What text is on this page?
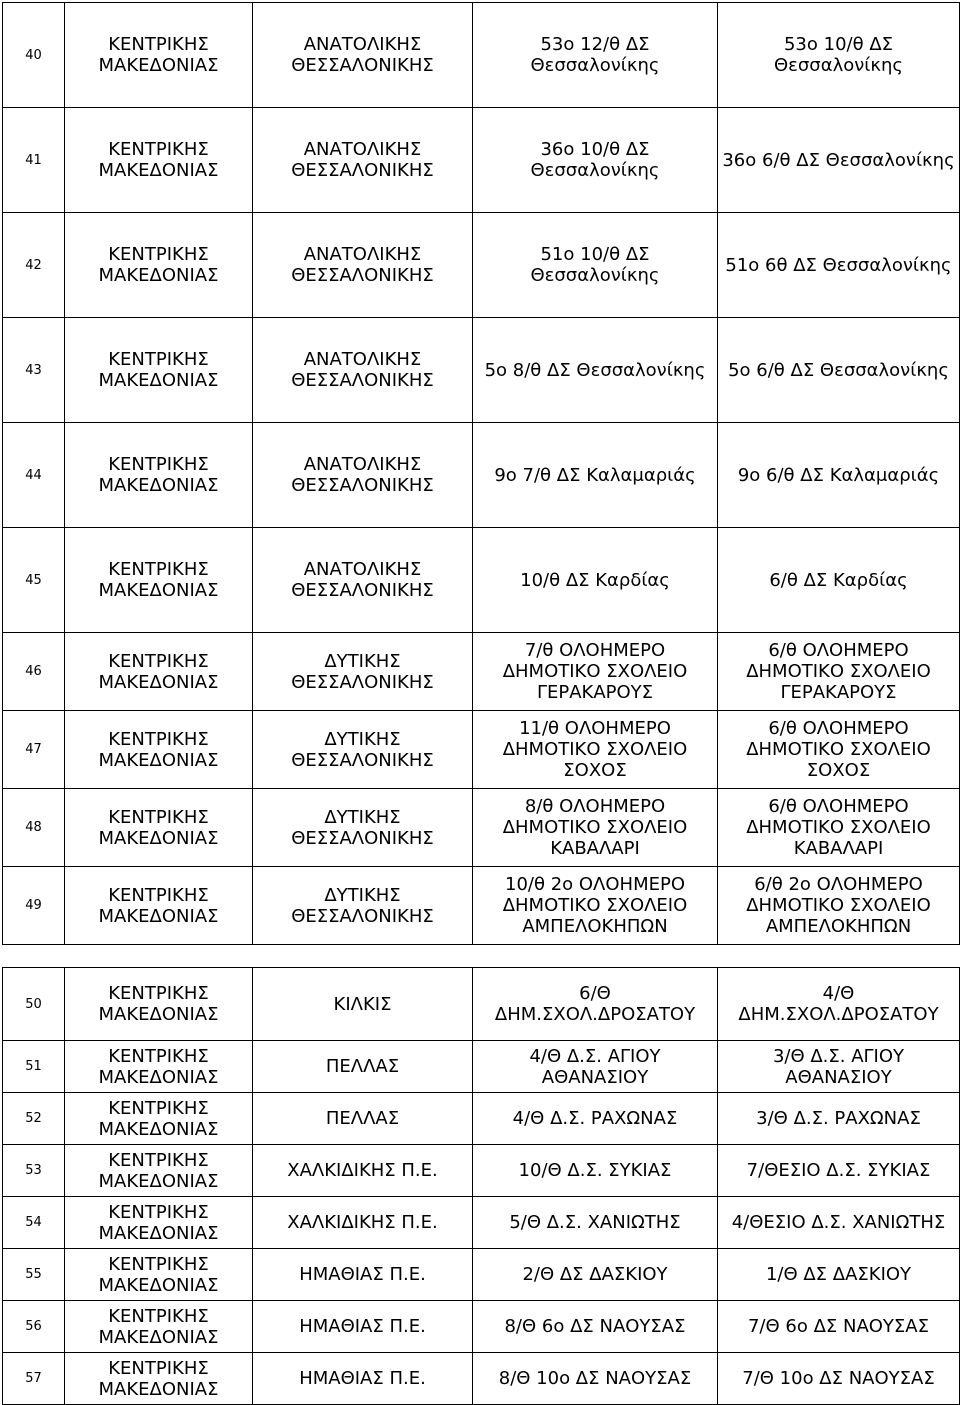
40	ΚΕΝΤΡΙΚΗΣ ΜΑΚΕΔΟΝΙΑΣ	ΑΝΑΤΟΛΙΚΗΣ ΘΕΣΣΑΛΟΝΙΚΗΣ	53ο 12/θ ΔΣ Θεσσαλονίκης	53ο 10/θ ΔΣ Θεσσαλονίκης
41	ΚΕΝΤΡΙΚΗΣ ΜΑΚΕΔΟΝΙΑΣ	ΑΝΑΤΟΛΙΚΗΣ ΘΕΣΣΑΛΟΝΙΚΗΣ	36ο 10/θ ΔΣ Θεσσαλονίκης	36ο 6/θ ΔΣ Θεσσαλονίκης
42	ΚΕΝΤΡΙΚΗΣ ΜΑΚΕΔΟΝΙΑΣ	ΑΝΑΤΟΛΙΚΗΣ ΘΕΣΣΑΛΟΝΙΚΗΣ	51ο 10/θ ΔΣ Θεσσαλονίκης	51ο 6θ ΔΣ Θεσσαλονίκης
43	ΚΕΝΤΡΙΚΗΣ ΜΑΚΕΔΟΝΙΑΣ	ΑΝΑΤΟΛΙΚΗΣ ΘΕΣΣΑΛΟΝΙΚΗΣ	5ο 8/θ ΔΣ Θεσσαλονίκης	5ο 6/θ ΔΣ Θεσσαλονίκης
44	ΚΕΝΤΡΙΚΗΣ ΜΑΚΕΔΟΝΙΑΣ	ΑΝΑΤΟΛΙΚΗΣ ΘΕΣΣΑΛΟΝΙΚΗΣ	9ο 7/θ ΔΣ Καλαμαριάς	9ο 6/θ ΔΣ Καλαμαριάς
45	ΚΕΝΤΡΙΚΗΣ ΜΑΚΕΔΟΝΙΑΣ	ΑΝΑΤΟΛΙΚΗΣ ΘΕΣΣΑΛΟΝΙΚΗΣ	10/θ ΔΣ Καρδίας	6/θ ΔΣ Καρδίας
46	ΚΕΝΤΡΙΚΗΣ ΜΑΚΕΔΟΝΙΑΣ	ΔΥΤΙΚΗΣ ΘΕΣΣΑΛΟΝΙΚΗΣ	7/θ ΟΛΟΗΜΕΡΟ ΔΗΜΟΤΙΚΟ ΣΧΟΛΕΙΟ ΓΕΡΑΚΑΡΟΥΣ	6/θ ΟΛΟΗΜΕΡΟ ΔΗΜΟΤΙΚΟ ΣΧΟΛΕΙΟ ΓΕΡΑΚΑΡΟΥΣ
47	ΚΕΝΤΡΙΚΗΣ ΜΑΚΕΔΟΝΙΑΣ	ΔΥΤΙΚΗΣ ΘΕΣΣΑΛΟΝΙΚΗΣ	11/θ ΟΛΟΗΜΕΡΟ ΔΗΜΟΤΙΚΟ ΣΧΟΛΕΙΟ ΣΟΧΟΣ	6/θ ΟΛΟΗΜΕΡΟ ΔΗΜΟΤΙΚΟ ΣΧΟΛΕΙΟ ΣΟΧΟΣ
48	ΚΕΝΤΡΙΚΗΣ ΜΑΚΕΔΟΝΙΑΣ	ΔΥΤΙΚΗΣ ΘΕΣΣΑΛΟΝΙΚΗΣ	8/θ ΟΛΟΗΜΕΡΟ ΔΗΜΟΤΙΚΟ ΣΧΟΛΕΙΟ ΚΑΒΑΛΑΡΙ	6/θ ΟΛΟΗΜΕΡΟ ΔΗΜΟΤΙΚΟ ΣΧΟΛΕΙΟ ΚΑΒΑΛΑΡΙ
49	ΚΕΝΤΡΙΚΗΣ ΜΑΚΕΔΟΝΙΑΣ	ΔΥΤΙΚΗΣ ΘΕΣΣΑΛΟΝΙΚΗΣ	10/θ 2ο ΟΛΟΗΜΕΡΟ ΔΗΜΟΤΙΚΟ ΣΧΟΛΕΙΟ ΑΜΠΕΛΟΚΗΠΩΝ	6/θ 2ο ΟΛΟΗΜΕΡΟ ΔΗΜΟΤΙΚΟ ΣΧΟΛΕΙΟ ΑΜΠΕΛΟΚΗΠΩΝ
50	ΚΕΝΤΡΙΚΗΣ ΜΑΚΕΔΟΝΙΑΣ	ΚΙΛΚΙΣ	6/Θ ΔΗΜ.ΣΧΟΛ.ΔΡΟΣΑΤΟΥ	4/Θ ΔΗΜ.ΣΧΟΛ.ΔΡΟΣΑΤΟΥ
51	ΚΕΝΤΡΙΚΗΣ ΜΑΚΕΔΟΝΙΑΣ	ΠΕΛΛΑΣ	4/Θ Δ.Σ. ΑΓΙΟΥ ΑΘΑΝΑΣΙΟΥ	3/Θ Δ.Σ. ΑΓΙΟΥ ΑΘΑΝΑΣΙΟΥ
52	ΚΕΝΤΡΙΚΗΣ ΜΑΚΕΔΟΝΙΑΣ	ΠΕΛΛΑΣ	4/Θ Δ.Σ. ΡΑΧΩΝΑΣ	3/Θ Δ.Σ. ΡΑΧΩΝΑΣ
53	ΚΕΝΤΡΙΚΗΣ ΜΑΚΕΔΟΝΙΑΣ	ΧΑΛΚΙΔΙΚΗΣ Π.Ε.	10/Θ Δ.Σ. ΣΥΚΙΑΣ	7/ΘΕΣΙΟ Δ.Σ. ΣΥΚΙΑΣ
54	ΚΕΝΤΡΙΚΗΣ ΜΑΚΕΔΟΝΙΑΣ	ΧΑΛΚΙΔΙΚΗΣ Π.Ε.	5/Θ Δ.Σ. ΧΑΝΙΩΤΗΣ	4/ΘΕΣΙΟ Δ.Σ. ΧΑΝΙΩΤΗΣ
55	ΚΕΝΤΡΙΚΗΣ ΜΑΚΕΔΟΝΙΑΣ	ΗΜΑΘΙΑΣ Π.Ε.	2/Θ ΔΣ ΔΑΣΚΙΟΥ	1/Θ ΔΣ ΔΑΣΚΙΟΥ
56	ΚΕΝΤΡΙΚΗΣ ΜΑΚΕΔΟΝΙΑΣ	ΗΜΑΘΙΑΣ Π.Ε.	8/Θ 6ο ΔΣ ΝΑΟΥΣΑΣ	7/Θ 6ο ΔΣ ΝΑΟΥΣΑΣ
57	ΚΕΝΤΡΙΚΗΣ ΜΑΚΕΔΟΝΙΑΣ	ΗΜΑΘΙΑΣ Π.Ε.	8/Θ 10ο ΔΣ ΝΑΟΥΣΑΣ	7/Θ 10ο ΔΣ ΝΑΟΥΣΑΣ
